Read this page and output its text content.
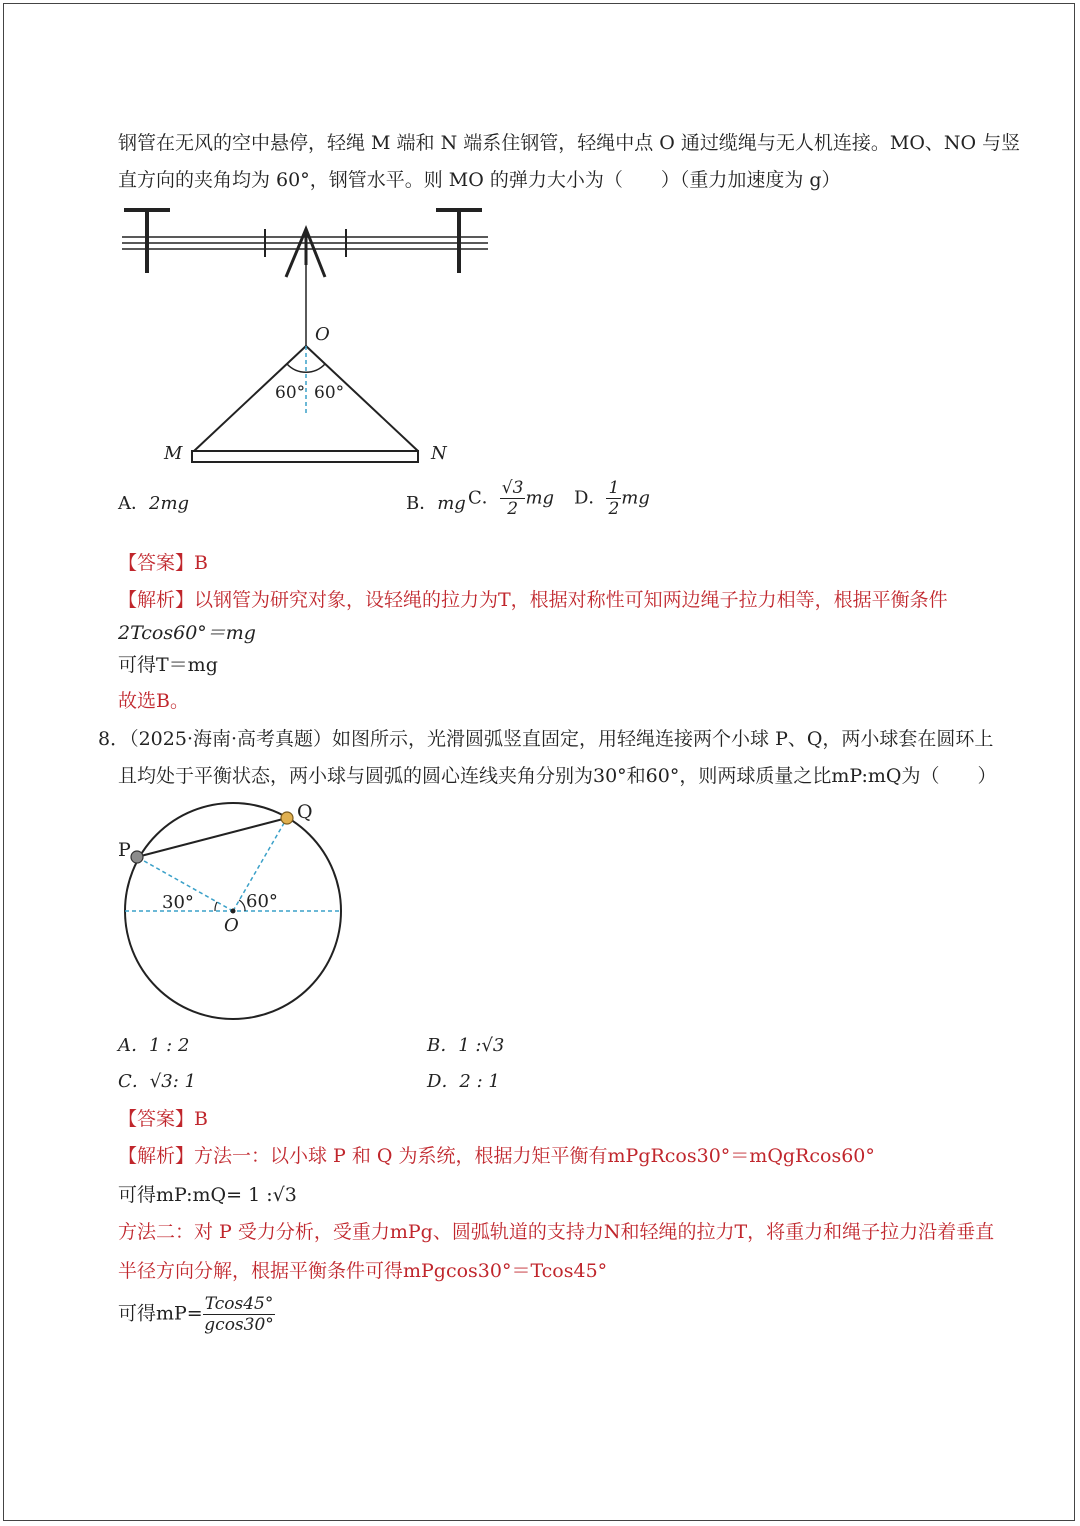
钢管在无风的空中悬停，轻绳 M 端和 N 端系住钢管，轻绳中点 O 通过缆绳与无人机连接。MO、NO 与竖
直方向的夹角均为 60°，钢管水平。则 MO 的弹力大小为（　　）（重力加速度为 g）
O
60° 60°
M	N
A．2mg	B．mg C． $\frac{√3}{2}$ mg D． $\frac{1}{2}$ mg
【答案】B
【解析】以钢管为研究对象，设轻绳的拉力为T，根据对称性可知两边绳子拉力相等，根据平衡条件
2Tcos60°＝mg
可得T＝mg
故选B。
8．（2025·海南·高考真题）如图所示，光滑圆弧竖直固定，用轻绳连接两个小球 P、Q，两小球套在圆环上
且均处于平衡状态，两小球与圆弧的圆心连线夹角分别为30°和60°，则两球质量之比mP:mQ为（　　）
P
Q
30°	60°
O
A．1 : 2	B．1 :√3
C．√3: 1	D．2 : 1
【答案】B
【解析】方法一：以小球 P 和 Q 为系统，根据力矩平衡有mPgRcos30°＝mQgRcos60°
可得mP:mQ= 1 :√3
方法二：对 P 受力分析，受重力mPg、圆弧轨道的支持力N和轻绳的拉力T，将重力和绳子拉力沿着垂直
半径方向分解，根据平衡条件可得mPgcos30°＝Tcos45°
可得$mP= \frac{Tcos45^\circ}{gcos30^\circ}$
